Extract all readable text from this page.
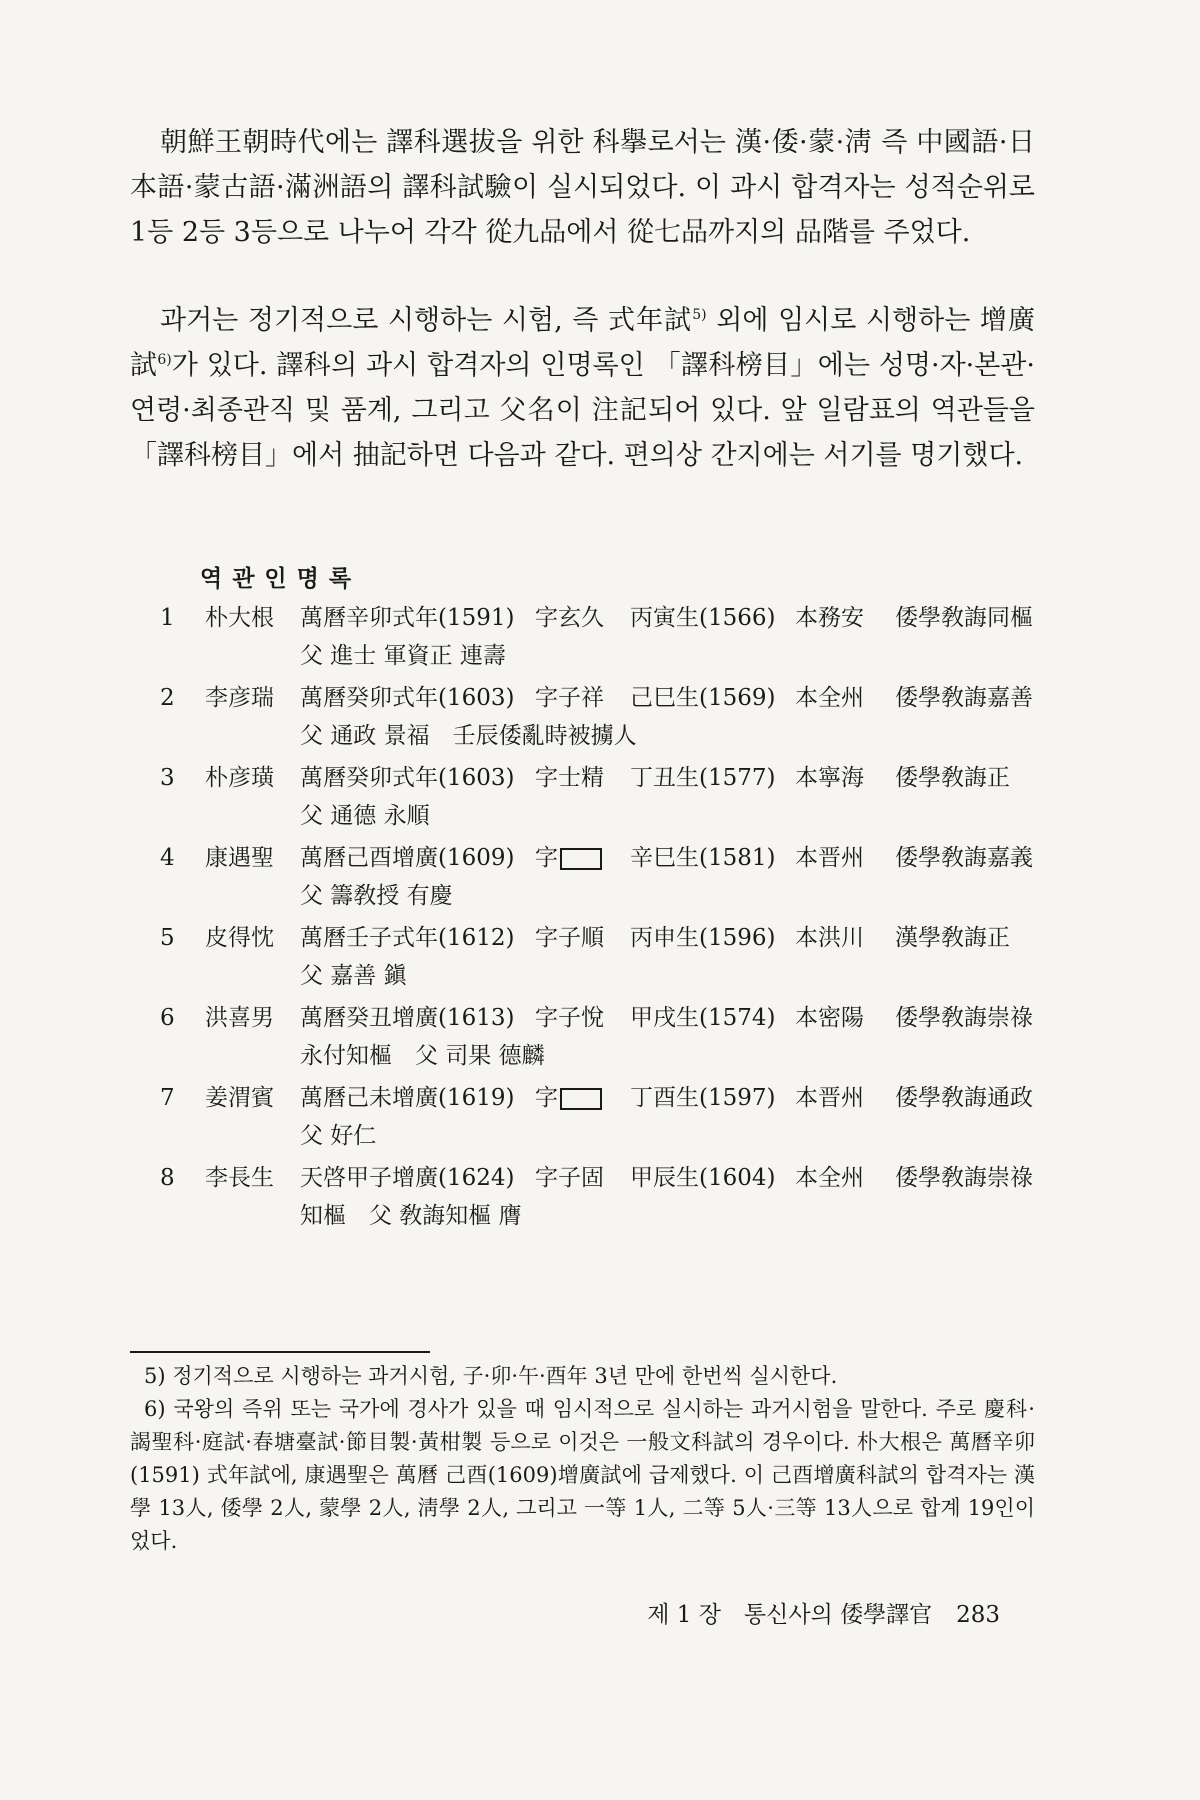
朝鮮王朝時代에는 譯科選拔을 위한 科擧로서는 漢·倭·蒙·淸 즉 中國語·日本語·蒙古語·滿洲語의 譯科試驗이 실시되었다. 이 과시 합격자는 성적순위로 1등 2등 3등으로 나누어 각각 從九品에서 從七品까지의 品階를 주었다.

과거는 정기적으로 시행하는 시험, 즉 式年試$^{5)}$ 외에 임시로 시행하는 增廣試$^{6)}$가 있다. 譯科의 과시 합격자의 인명록인 「譯科榜目」에는 성명·자·본관·연령·최종관직 및 품계, 그리고 父名이 注記되어 있다. 앞 일람표의 역관들을 「譯科榜目」에서 抽記하면 다음과 같다. 편의상 간지에는 서기를 명기했다.

역관인명록
1 朴大根 萬曆辛卯式年(1591) 字玄久 丙寅生(1566) 本務安 倭學敎誨同樞
父 進士 軍資正 連壽
2 李彦瑞 萬曆癸卯式年(1603) 字子祥 己巳生(1569) 本全州 倭學敎誨嘉善
父 通政 景福　壬辰倭亂時被擄人
3 朴彦璜 萬曆癸卯式年(1603) 字士精 丁丑生(1577) 本寧海 倭學敎誨正
父 通德 永順
4 康遇聖 萬曆己酉增廣(1609) 字	辛巳生(1581) 本晋州 倭學敎誨嘉義
父 籌敎授 有慶
5 皮得忱 萬曆壬子式年(1612) 字子順 丙申生(1596) 本洪川 漢學敎誨正
父 嘉善 鎭
6 洪喜男 萬曆癸丑增廣(1613) 字子悅 甲戌生(1574) 本密陽 倭學敎誨崇祿
永付知樞　父 司果 德麟
7 姜渭賓 萬曆己未增廣(1619) 字	丁酉生(1597) 本晋州 倭學敎誨通政
父 好仁
8 李長生 天啓甲子增廣(1624) 字子固 甲辰生(1604) 本全州 倭學敎誨崇祿
知樞　父 敎誨知樞 膺

5) 정기적으로 시행하는 과거시험, 子·卯·午·酉年 3년 만에 한번씩 실시한다.

6) 국왕의 즉위 또는 국가에 경사가 있을 때 임시적으로 실시하는 과거시험을 말한다. 주로 慶科·謁聖科·庭試·春塘臺試·節目製·黃柑製 등으로 이것은 一般文科試의 경우이다. 朴大根은 萬曆辛卯(1591) 式年試에, 康遇聖은 萬曆 己酉(1609)增廣試에 급제했다. 이 己酉增廣科試의 합격자는 漢學 13人, 倭學 2人, 蒙學 2人, 淸學 2人, 그리고 一等 1人, 二等 5人·三等 13人으로 합계 19인이었다.

제 1 장　통신사의 倭學譯官 283
